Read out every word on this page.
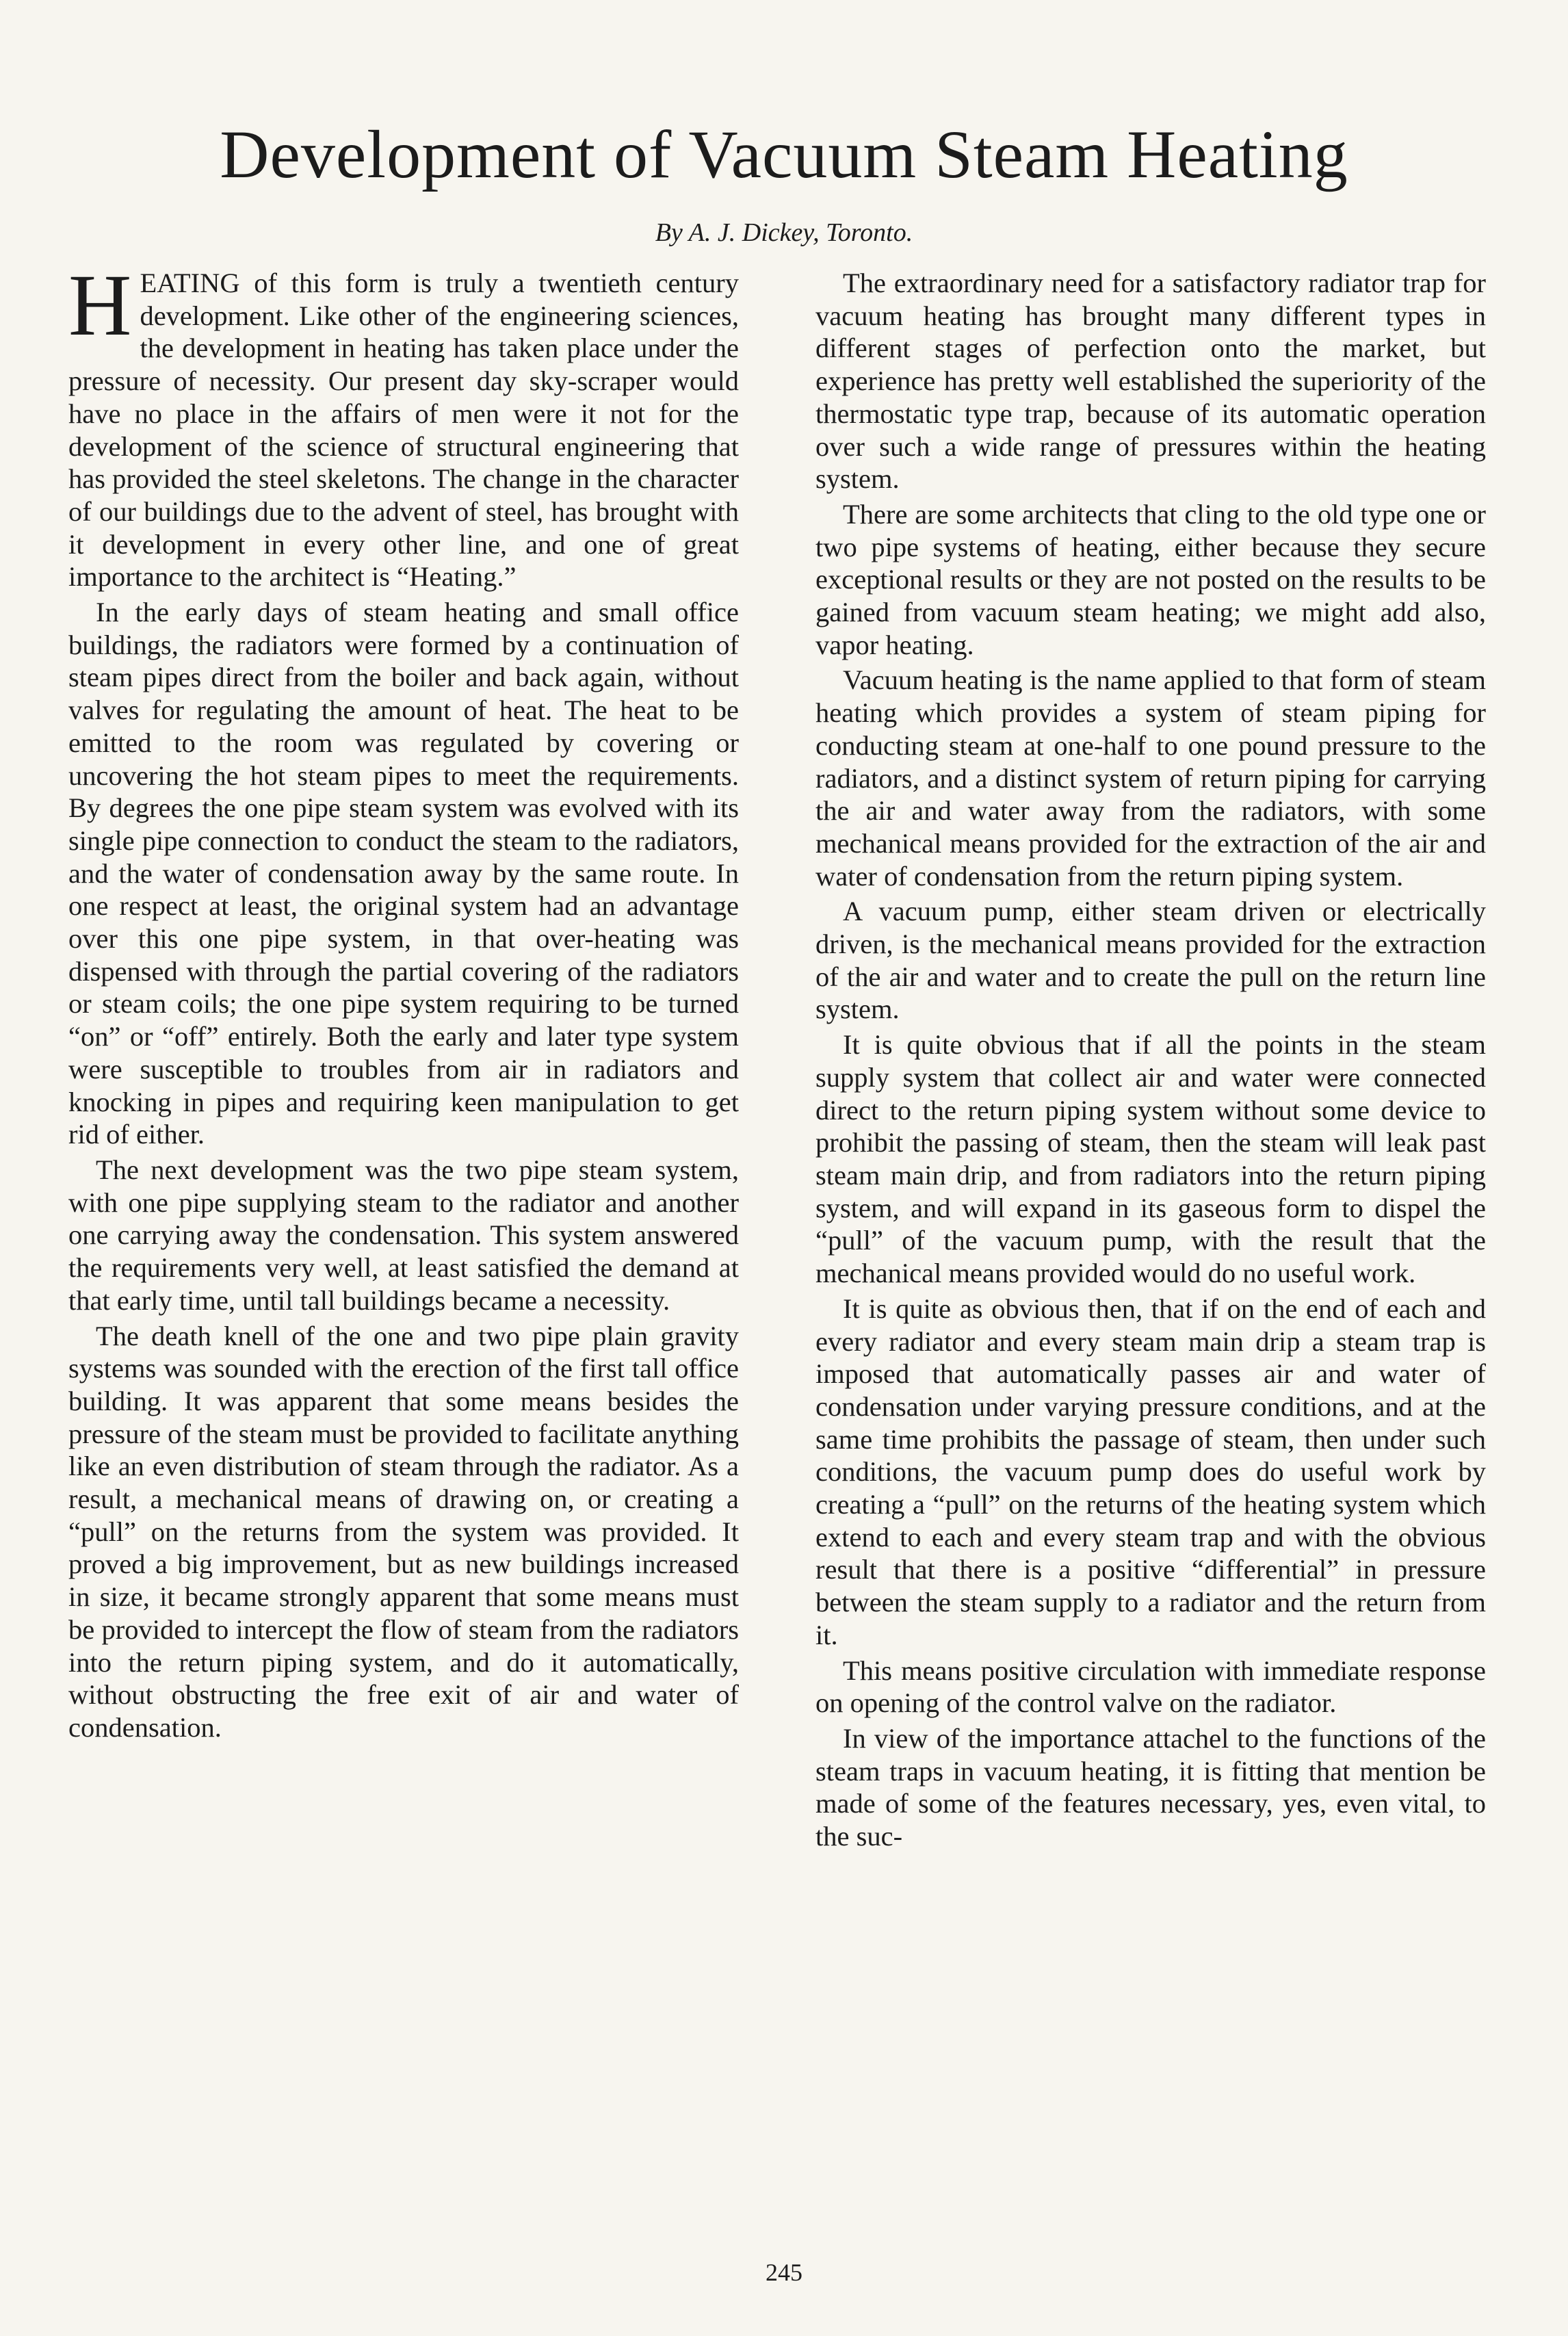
Development of Vacuum Steam Heating
By A. J. Dickey, Toronto.

HEATING of this form is truly a twentieth century development. Like other of the engineering sciences, the development in heating has taken place under the pressure of necessity. Our present day sky-scraper would have no place in the affairs of men were it not for the development of the science of structural engineering that has provided the steel skeletons. The change in the character of our buildings due to the advent of steel, has brought with it development in every other line, and one of great importance to the architect is “Heating.”

In the early days of steam heating and small office buildings, the radiators were formed by a continuation of steam pipes direct from the boiler and back again, without valves for regulating the amount of heat. The heat to be emitted to the room was regulated by covering or uncovering the hot steam pipes to meet the requirements. By degrees the one pipe steam system was evolved with its single pipe connection to conduct the steam to the radiators, and the water of condensation away by the same route. In one respect at least, the original system had an advantage over this one pipe system, in that over-heating was dispensed with through the partial covering of the radiators or steam coils; the one pipe system requiring to be turned “on” or “off” entirely. Both the early and later type system were susceptible to troubles from air in radiators and knocking in pipes and requiring keen manipulation to get rid of either.

The next development was the two pipe steam system, with one pipe supplying steam to the radiator and another one carrying away the condensation. This system answered the requirements very well, at least satisfied the demand at that early time, until tall buildings became a necessity.

The death knell of the one and two pipe plain gravity systems was sounded with the erection of the first tall office building. It was apparent that some means besides the pressure of the steam must be provided to facilitate anything like an even distribution of steam through the radiator. As a result, a mechanical means of drawing on, or creating a “pull” on the returns from the system was provided. It proved a big improvement, but as new buildings increased in size, it became strongly apparent that some means must be provided to intercept the flow of steam from the radiators into the return piping system, and do it automatically, without obstructing the free exit of air and water of condensation.

The extraordinary need for a satisfactory radiator trap for vacuum heating has brought many different types in different stages of perfection onto the market, but experience has pretty well established the superiority of the thermostatic type trap, because of its automatic operation over such a wide range of pressures within the heating system.

There are some architects that cling to the old type one or two pipe systems of heating, either because they secure exceptional results or they are not posted on the results to be gained from vacuum steam heating; we might add also, vapor heating.

Vacuum heating is the name applied to that form of steam heating which provides a system of steam piping for conducting steam at one-half to one pound pressure to the radiators, and a distinct system of return piping for carrying the air and water away from the radiators, with some mechanical means provided for the extraction of the air and water of condensation from the return piping system.

A vacuum pump, either steam driven or electrically driven, is the mechanical means provided for the extraction of the air and water and to create the pull on the return line system.

It is quite obvious that if all the points in the steam supply system that collect air and water were connected direct to the return piping system without some device to prohibit the passing of steam, then the steam will leak past steam main drip, and from radiators into the return piping system, and will expand in its gaseous form to dispel the “pull” of the vacuum pump, with the result that the mechanical means provided would do no useful work.

It is quite as obvious then, that if on the end of each and every radiator and every steam main drip a steam trap is imposed that automatically passes air and water of condensation under varying pressure conditions, and at the same time prohibits the passage of steam, then under such conditions, the vacuum pump does do useful work by creating a “pull” on the returns of the heating system which extend to each and every steam trap and with the obvious result that there is a positive “differential” in pressure between the steam supply to a radiator and the return from it.

This means positive circulation with immediate response on opening of the control valve on the radiator.

In view of the importance attachel to the functions of the steam traps in vacuum heating, it is fitting that mention be made of some of the features necessary, yes, even vital, to the suc-

245
